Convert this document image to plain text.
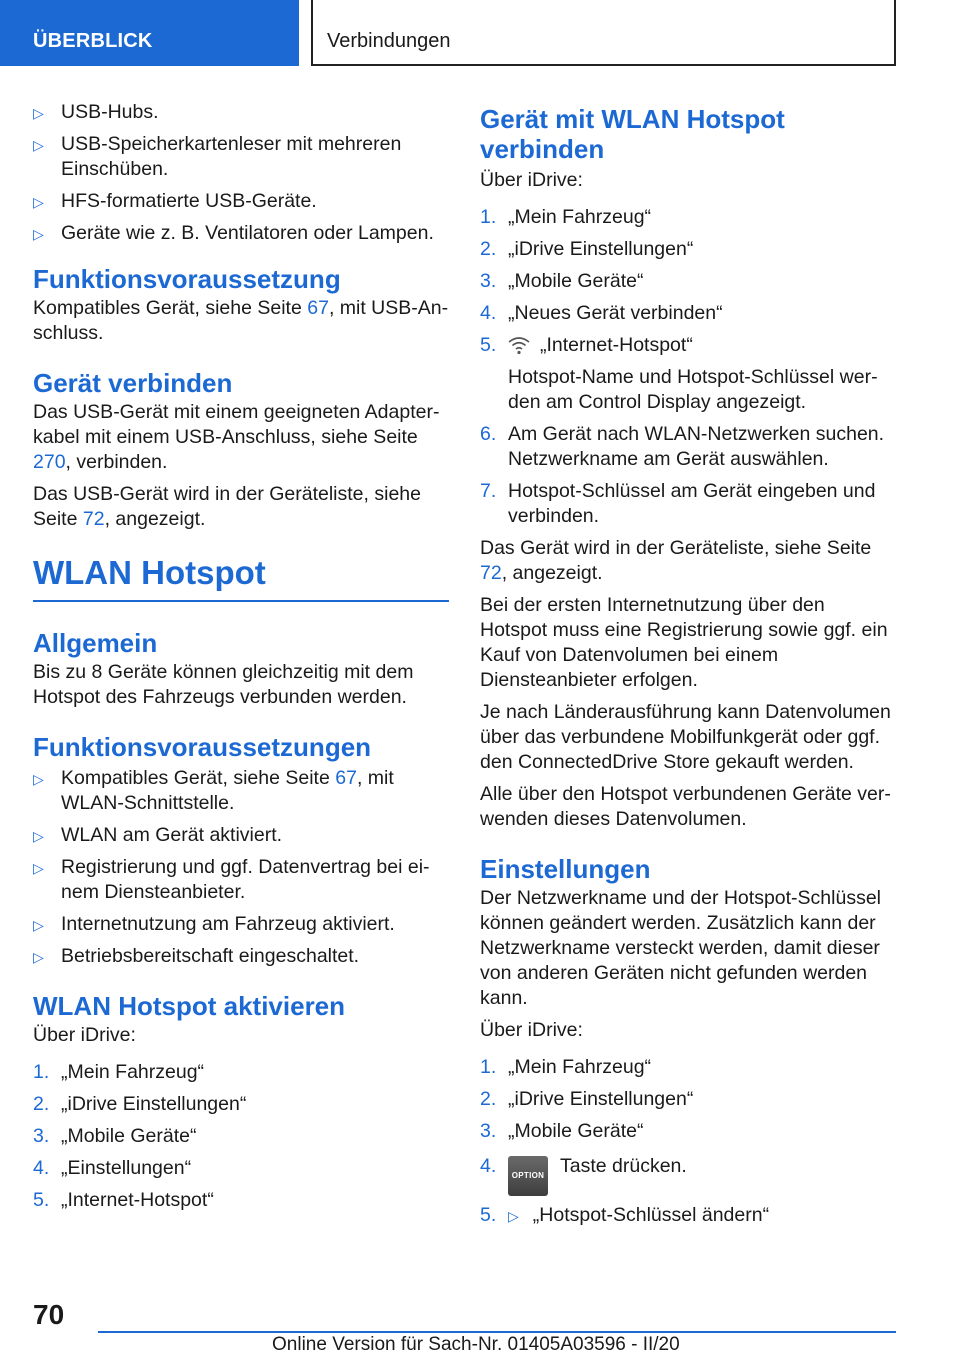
ÜBERBLICK	Verbindungen
▷ USB-Hubs.
▷ USB-Speicherkartenleser mit mehreren Einschüben.
▷ HFS-formatierte USB-Geräte.
▷ Geräte wie z. B. Ventilatoren oder Lampen.
Funktionsvoraussetzung

Kompatibles Gerät, siehe Seite 67, mit USB-Anschluss.

Gerät verbinden

Das USB-Gerät mit einem geeigneten Adapterkabel mit einem USB-Anschluss, siehe Seite 270, verbinden.

Das USB-Gerät wird in der Geräteliste, siehe Seite 72, angezeigt.

WLAN Hotspot
Allgemein

Bis zu 8 Geräte können gleichzeitig mit dem Hotspot des Fahrzeugs verbunden werden.

Funktionsvoraussetzungen
▷ Kompatibles Gerät, siehe Seite 67, mit WLAN-Schnittstelle.
▷ WLAN am Gerät aktiviert.
▷ Registrierung und ggf. Datenvertrag bei einem Diensteanbieter.
▷ Internetnutzung am Fahrzeug aktiviert.
▷ Betriebsbereitschaft eingeschaltet.
WLAN Hotspot aktivieren

Über iDrive:

1. „Mein Fahrzeug“
2. „iDrive Einstellungen“
3. „Mobile Geräte“
4. „Einstellungen“
5. „Internet-Hotspot“
Gerät mit WLAN Hotspot verbinden

Über iDrive:

1. „Mein Fahrzeug“
2. „iDrive Einstellungen“
3. „Mobile Geräte“
4. „Neues Gerät verbinden“
5. „Internet-Hotspot“
Hotspot-Name und Hotspot-Schlüssel werden am Control Display angezeigt.
6. Am Gerät nach WLAN-Netzwerken suchen.
Netzwerkname am Gerät auswählen.
7. Hotspot-Schlüssel am Gerät eingeben und verbinden.

Das Gerät wird in der Geräteliste, siehe Seite 72, angezeigt.

Bei der ersten Internetnutzung über den Hotspot muss eine Registrierung sowie ggf. ein Kauf von Datenvolumen bei einem Diensteanbieter erfolgen.

Je nach Länderausführung kann Datenvolumen über das verbundene Mobilfunkgerät oder ggf. den ConnectedDrive Store gekauft werden.

Alle über den Hotspot verbundenen Geräte verwenden dieses Datenvolumen.

Einstellungen

Der Netzwerkname und der Hotspot-Schlüssel können geändert werden. Zusätzlich kann der Netzwerkname versteckt werden, damit dieser von anderen Geräten nicht gefunden werden kann.

Über iDrive:

1. „Mein Fahrzeug“
2. „iDrive Einstellungen“
3. „Mobile Geräte“
4. OPTION Taste drücken.
5. ▷ „Hotspot-Schlüssel ändern“
70
Online Version für Sach-Nr. 01405A03596 - II/20
